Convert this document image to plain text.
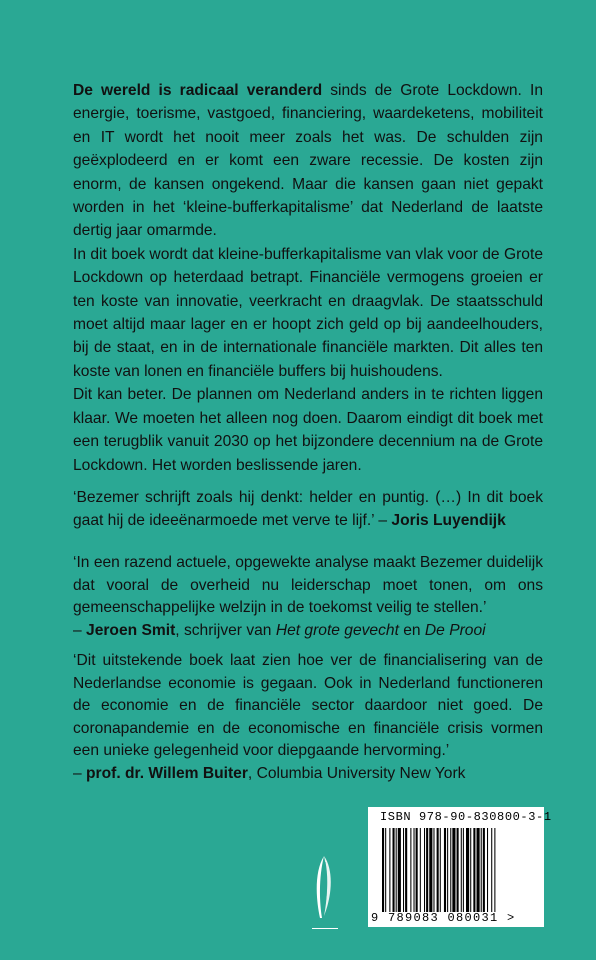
De wereld is radicaal veranderd sinds de Grote Lockdown. In energie, toerisme, vastgoed, financiering, waardeketens, mobiliteit en IT wordt het nooit meer zoals het was. De schulden zijn geëxplodeerd en er komt een zware recessie. De kosten zijn enorm, de kansen ongekend. Maar die kansen gaan niet gepakt worden in het ‘kleine-bufferkapitalisme’ dat Nederland de laatste dertig jaar omarmde.

In dit boek wordt dat kleine-bufferkapitalisme van vlak voor de Grote Lockdown op heterdaad betrapt. Financiële vermogens groeien er ten koste van innovatie, veerkracht en draagvlak. De staatsschuld moet altijd maar lager en er hoopt zich geld op bij aandeelhouders, bij de staat, en in de internationale financiële markten. Dit alles ten koste van lonen en financiële buffers bij huishoudens.

Dit kan beter. De plannen om Nederland anders in te richten liggen klaar. We moeten het alleen nog doen. Daarom eindigt dit boek met een terugblik vanuit 2030 op het bijzondere decennium na de Grote Lockdown. Het worden beslissende jaren.

‘Bezemer schrijft zoals hij denkt: helder en puntig. (…) In dit boek gaat hij de ideeënarmoede met verve te lijf.’ – Joris Luyendijk

‘In een razend actuele, opgewekte analyse maakt Bezemer duidelijk dat vooral de overheid nu leiderschap moet tonen, om ons gemeenschappelijke welzijn in de toekomst veilig te stellen.’

– Jeroen Smit, schrijver van Het grote gevecht en De Prooi

‘Dit uitstekende boek laat zien hoe ver de financialisering van de Nederlandse economie is gegaan. Ook in Nederland functioneren de economie en de financiële sector daardoor niet goed. De coronapandemie en de economische en financiële crisis vormen een unieke gelegenheid voor diepgaande hervorming.’

– prof. dr. Willem Buiter, Columbia University New York

ISBN 978-90-830800-3-1
9 789083 080031 >
